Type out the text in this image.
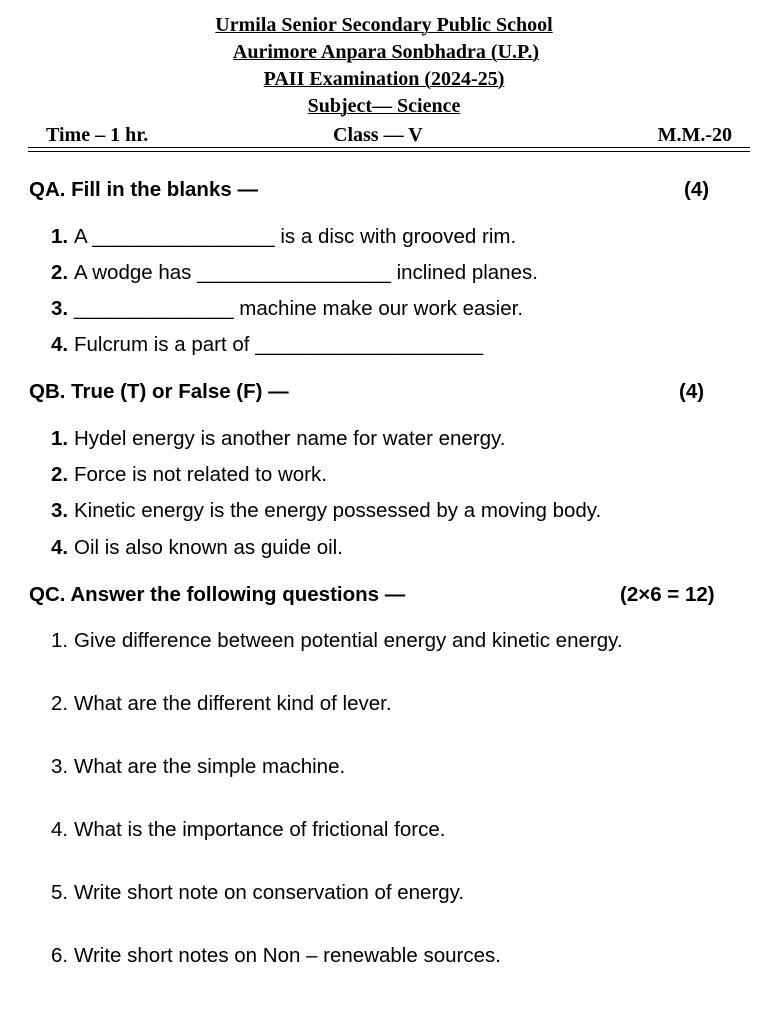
Urmila Senior Secondary Public School
Aurimore Anpara Sonbhadra (U.P.)
PAII Examination (2024-25)
Subject— Science
Time – 1 hr.	Class — V	M.M.-20
QA. Fill in the blanks —	(4)
1. A ________________ is a disc with grooved rim.
2. A wodge has _________________ inclined planes.
3. ______________ machine make our work easier.
4. Fulcrum is a part of ____________________
QB. True (T) or False (F) —	(4)
1. Hydel energy is another name for water energy.
2. Force is not related to work.
3. Kinetic energy is the energy possessed by a moving body.
4. Oil is also known as guide oil.
QC. Answer the following questions —	(2×6 = 12)
1. Give difference between potential energy and kinetic energy.
2. What are the different kind of lever.
3. What are the simple machine.
4. What is the importance of frictional force.
5. Write short note on conservation of energy.
6. Write short notes on Non – renewable sources.
